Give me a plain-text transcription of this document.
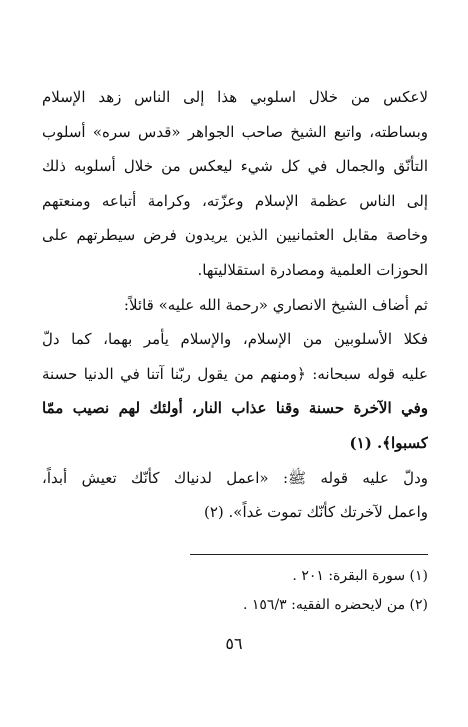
لاعكس من خلال اسلوبي هذا إلى الناس زهد الإسلام
وبساطته، واتبع الشيخ صاحب الجواهر «قدس سره» أسلوب
التأنّق والجمال في كل شيء ليعكس من خلال أسلوبه ذلك
إلى الناس عظمة الإسلام وعزّته، وكرامة أتباعه ومنعتهم
وخاصة مقابل العثمانيين الذين يريدون فرض سيطرتهم على
الحوزات العلمية ومصادرة استقلاليتها.
ثم أضاف الشيخ الانصاري «رحمة الله عليه» قائلاً:
فكلا الأسلوبين من الإسلام، والإسلام يأمر بهما، كما دلّ
عليه قوله سبحانه: ﴿ومنهم من يقول ربّنا آتنا في الدنيا حسنة
وفي الآخرة حسنة وقنا عذاب النار، أولئك لهم نصيب ممّا
كسبوا﴾. (١)
ودلّ عليه قوله ﷺ: «اعمل لدنياك كأنّك تعيش أبداً،
واعمل لآخرتك كأنّك تموت غداً». (٢)
(١) سورة البقرة: ٢٠١ .
(٢) من لايحضره الفقيه: ١٥٦/٣ .
٥٦
